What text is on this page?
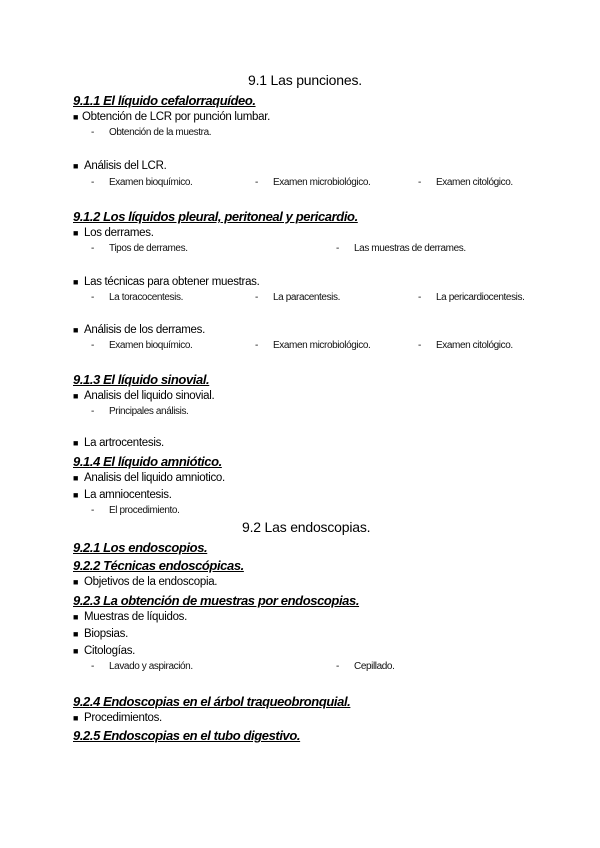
9.1 Las punciones.
9.1.1 El líquido cefalorraquídeo.
■ Obtención de LCR por punción lumbar.
- Obtención de la muestra.
■ Análisis del LCR.
- Examen bioquímico.	- Examen microbiológico.	- Examen citológico.
9.1.2 Los líquidos pleural, peritoneal y pericardio.
■ Los derrames.
- Tipos de derrames.	- Las muestras de derrames.
■ Las técnicas para obtener muestras.
- La toracocentesis.	- La paracentesis.	- La pericardiocentesis.
■ Análisis de los derrames.
- Examen bioquímico.	- Examen microbiológico.	- Examen citológico.
9.1.3 El líquido sinovial.
■ Analisis del liquido sinovial.
- Principales análisis.
■ La artrocentesis.
9.1.4 El líquido amniótico.
■ Analisis del liquido amniotico.
■ La amniocentesis.
- El procedimiento.
9.2 Las endoscopias.
9.2.1 Los endoscopios.
9.2.2 Técnicas endoscópicas.
■ Objetivos de la endoscopia.
9.2.3 La obtención de muestras por endoscopias.
■ Muestras de líquidos.
■ Biopsias.
■ Citologías.
- Lavado y aspiración.	- Cepillado.
9.2.4 Endoscopias en el árbol traqueobronquial.
■ Procedimientos.
9.2.5 Endoscopias en el tubo digestivo.
